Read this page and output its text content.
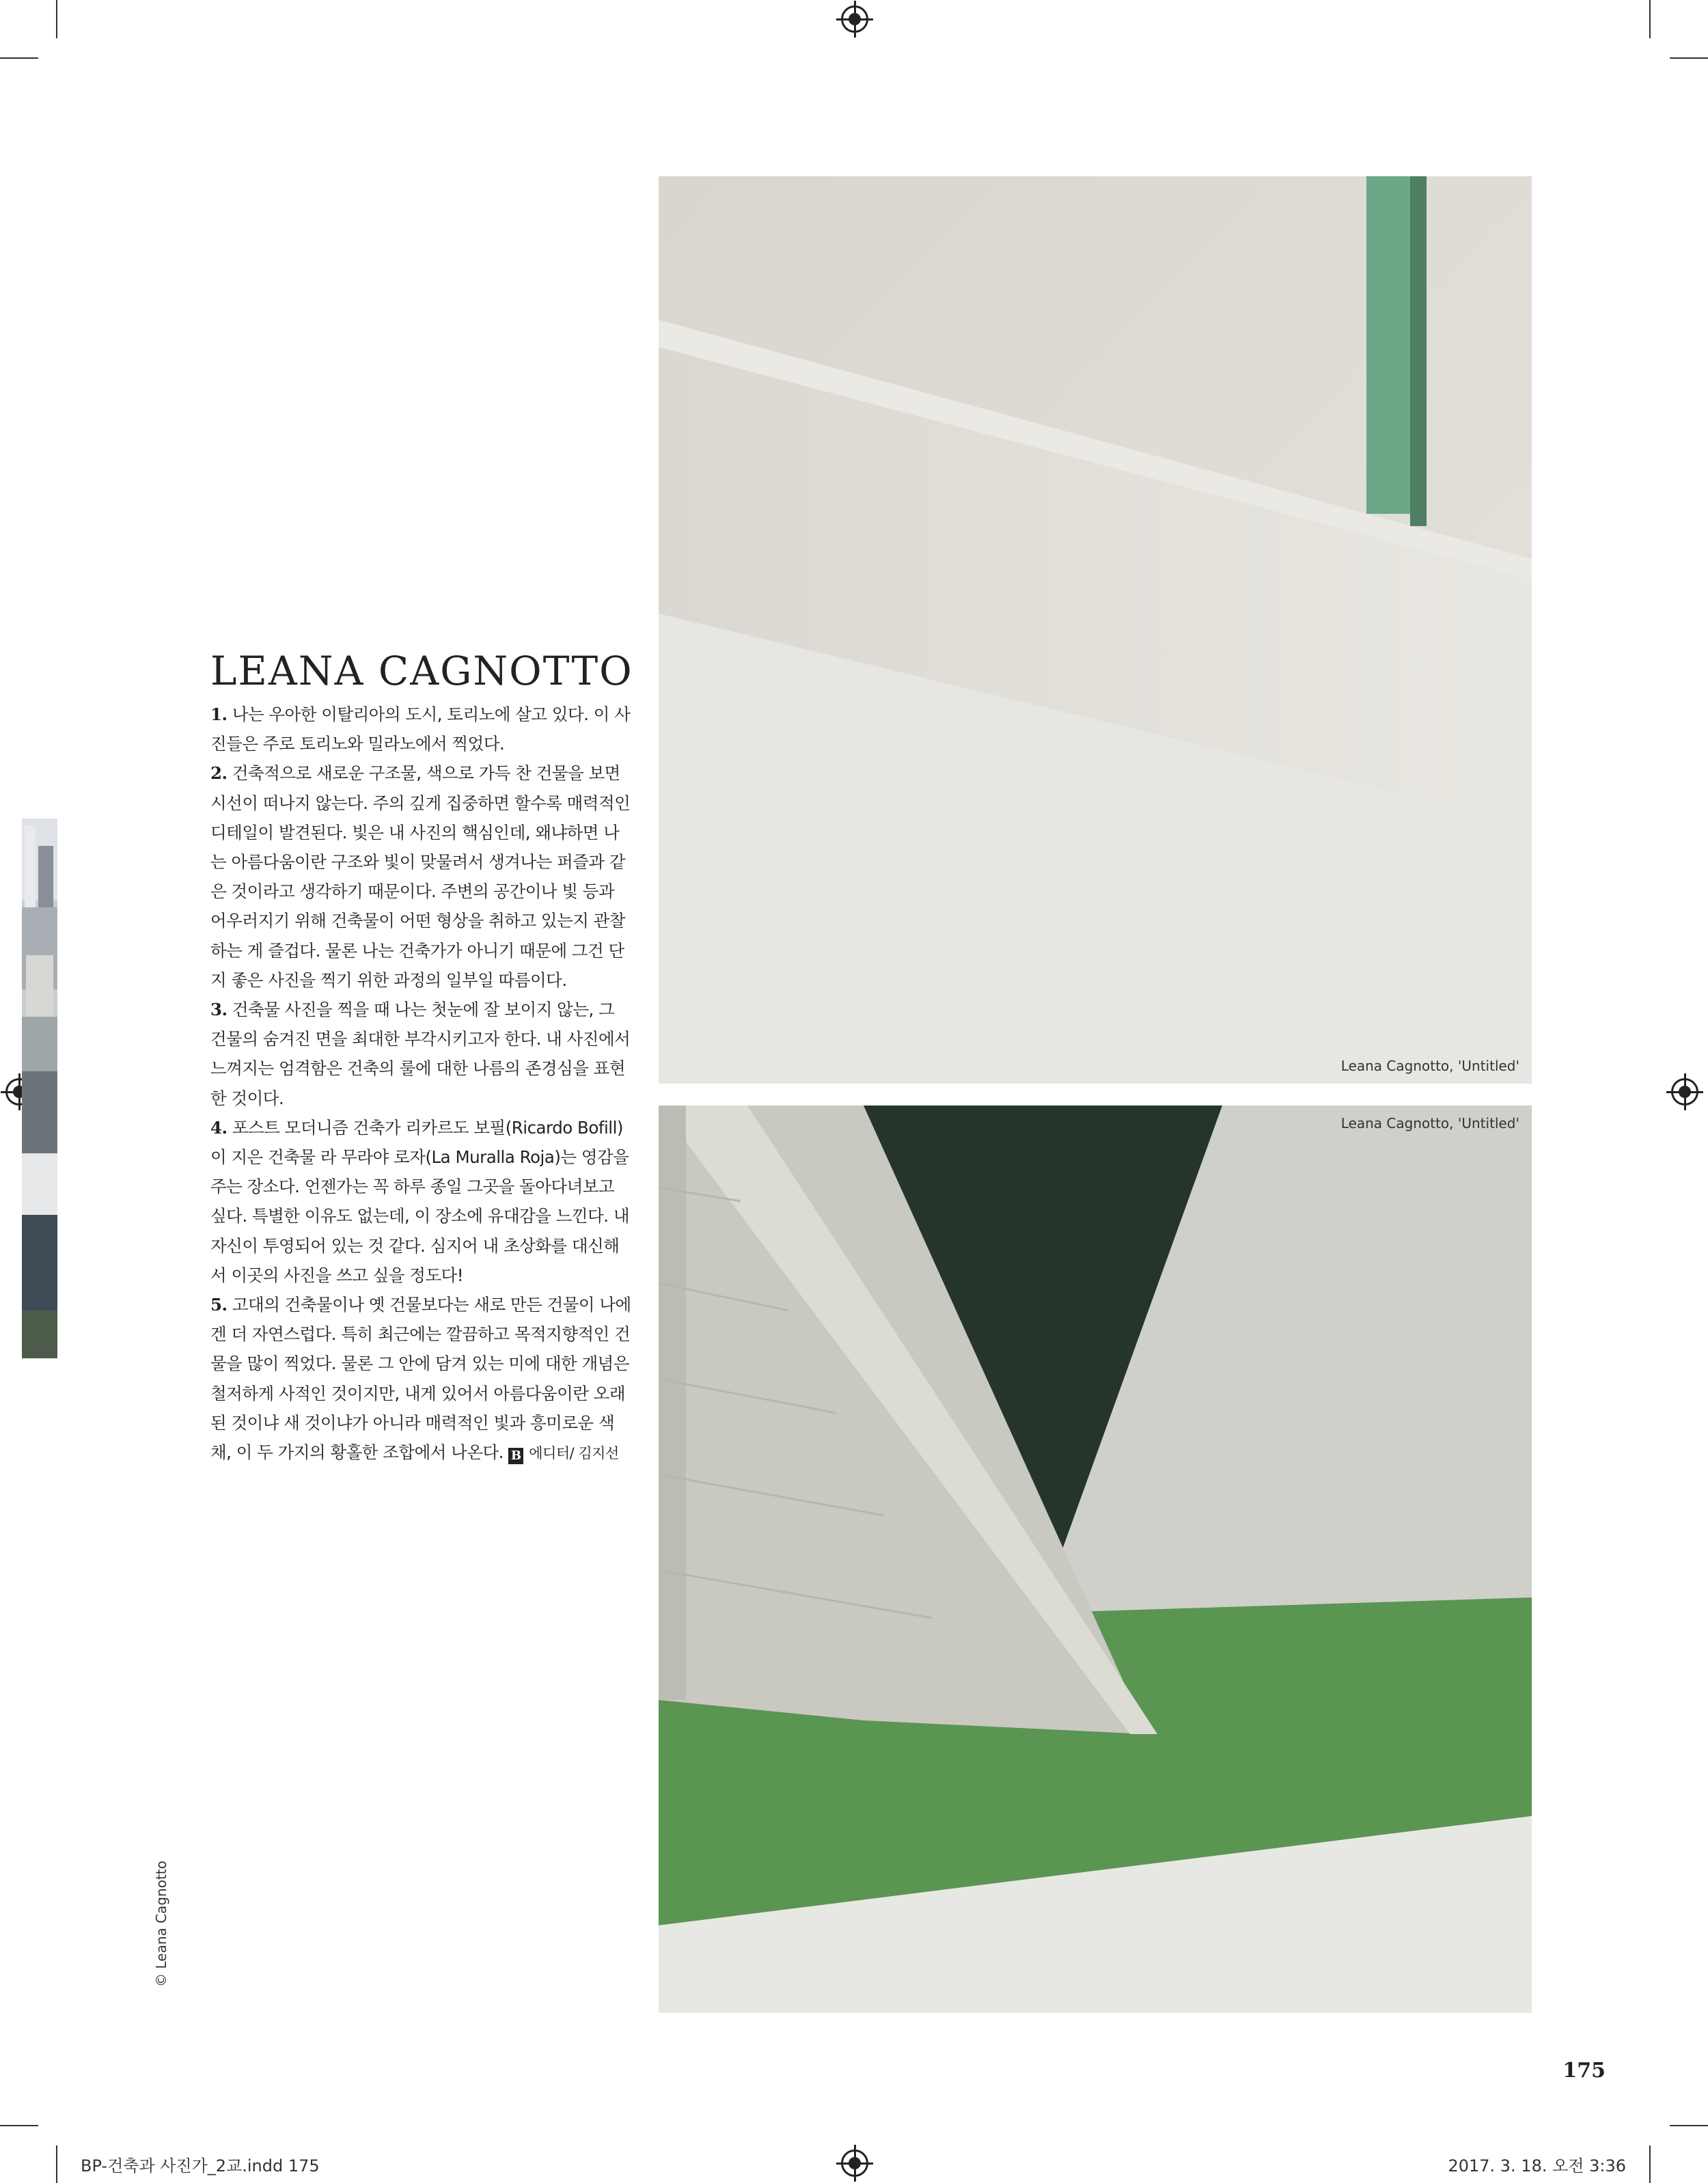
LEANA CAGNOTTO

1. 나는 우아한 이탈리아의 도시, 토리노에 살고 있다. 이 사진들은 주로 토리노와 밀라노에서 찍었다.

2. 건축적으로 새로운 구조물, 색으로 가득 찬 건물을 보면 시선이 떠나지 않는다. 주의 깊게 집중하면 할수록 매력적인 디테일이 발견된다. 빛은 내 사진의 핵심인데, 왜냐하면 나는 아름다움이란 구조와 빛이 맞물려서 생겨나는 퍼즐과 같은 것이라고 생각하기 때문이다. 주변의 공간이나 빛 등과 어우러지기 위해 건축물이 어떤 형상을 취하고 있는지 관찰하는 게 즐겁다. 물론 나는 건축가가 아니기 때문에 그건 단지 좋은 사진을 찍기 위한 과정의 일부일 따름이다.

3. 건축물 사진을 찍을 때 나는 첫눈에 잘 보이지 않는, 그 건물의 숨겨진 면을 최대한 부각시키고자 한다. 내 사진에서 느껴지는 엄격함은 건축의 룰에 대한 나름의 존경심을 표현한 것이다.

4. 포스트 모더니즘 건축가 리카르도 보필(Ricardo Bofill)이 지은 건축물 라 무라야 로자(La Muralla Roja)는 영감을 주는 장소다. 언젠가는 꼭 하루 종일 그곳을 돌아다녀보고 싶다. 특별한 이유도 없는데, 이 장소에 유대감을 느낀다. 내 자신이 투영되어 있는 것 같다. 심지어 내 초상화를 대신해서 이곳의 사진을 쓰고 싶을 정도다!

5. 고대의 건축물이나 옛 건물보다는 새로 만든 건물이 나에겐 더 자연스럽다. 특히 최근에는 깔끔하고 목적지향적인 건물을 많이 찍었다. 물론 그 안에 담겨 있는 미에 대한 개념은 철저하게 사적인 것이지만, 내게 있어서 아름다움이란 오래된 것이냐 새 것이냐가 아니라 매력적인 빛과 흥미로운 색채, 이 두 가지의 황홀한 조합에서 나온다. B 에디터/ 김지선

Leana Cagnotto, 'Untitled'
Leana Cagnotto, 'Untitled'
© Leana Cagnotto
175
BP-건축과 사진가_2교.indd 175	2017. 3. 18. 오전 3:36
